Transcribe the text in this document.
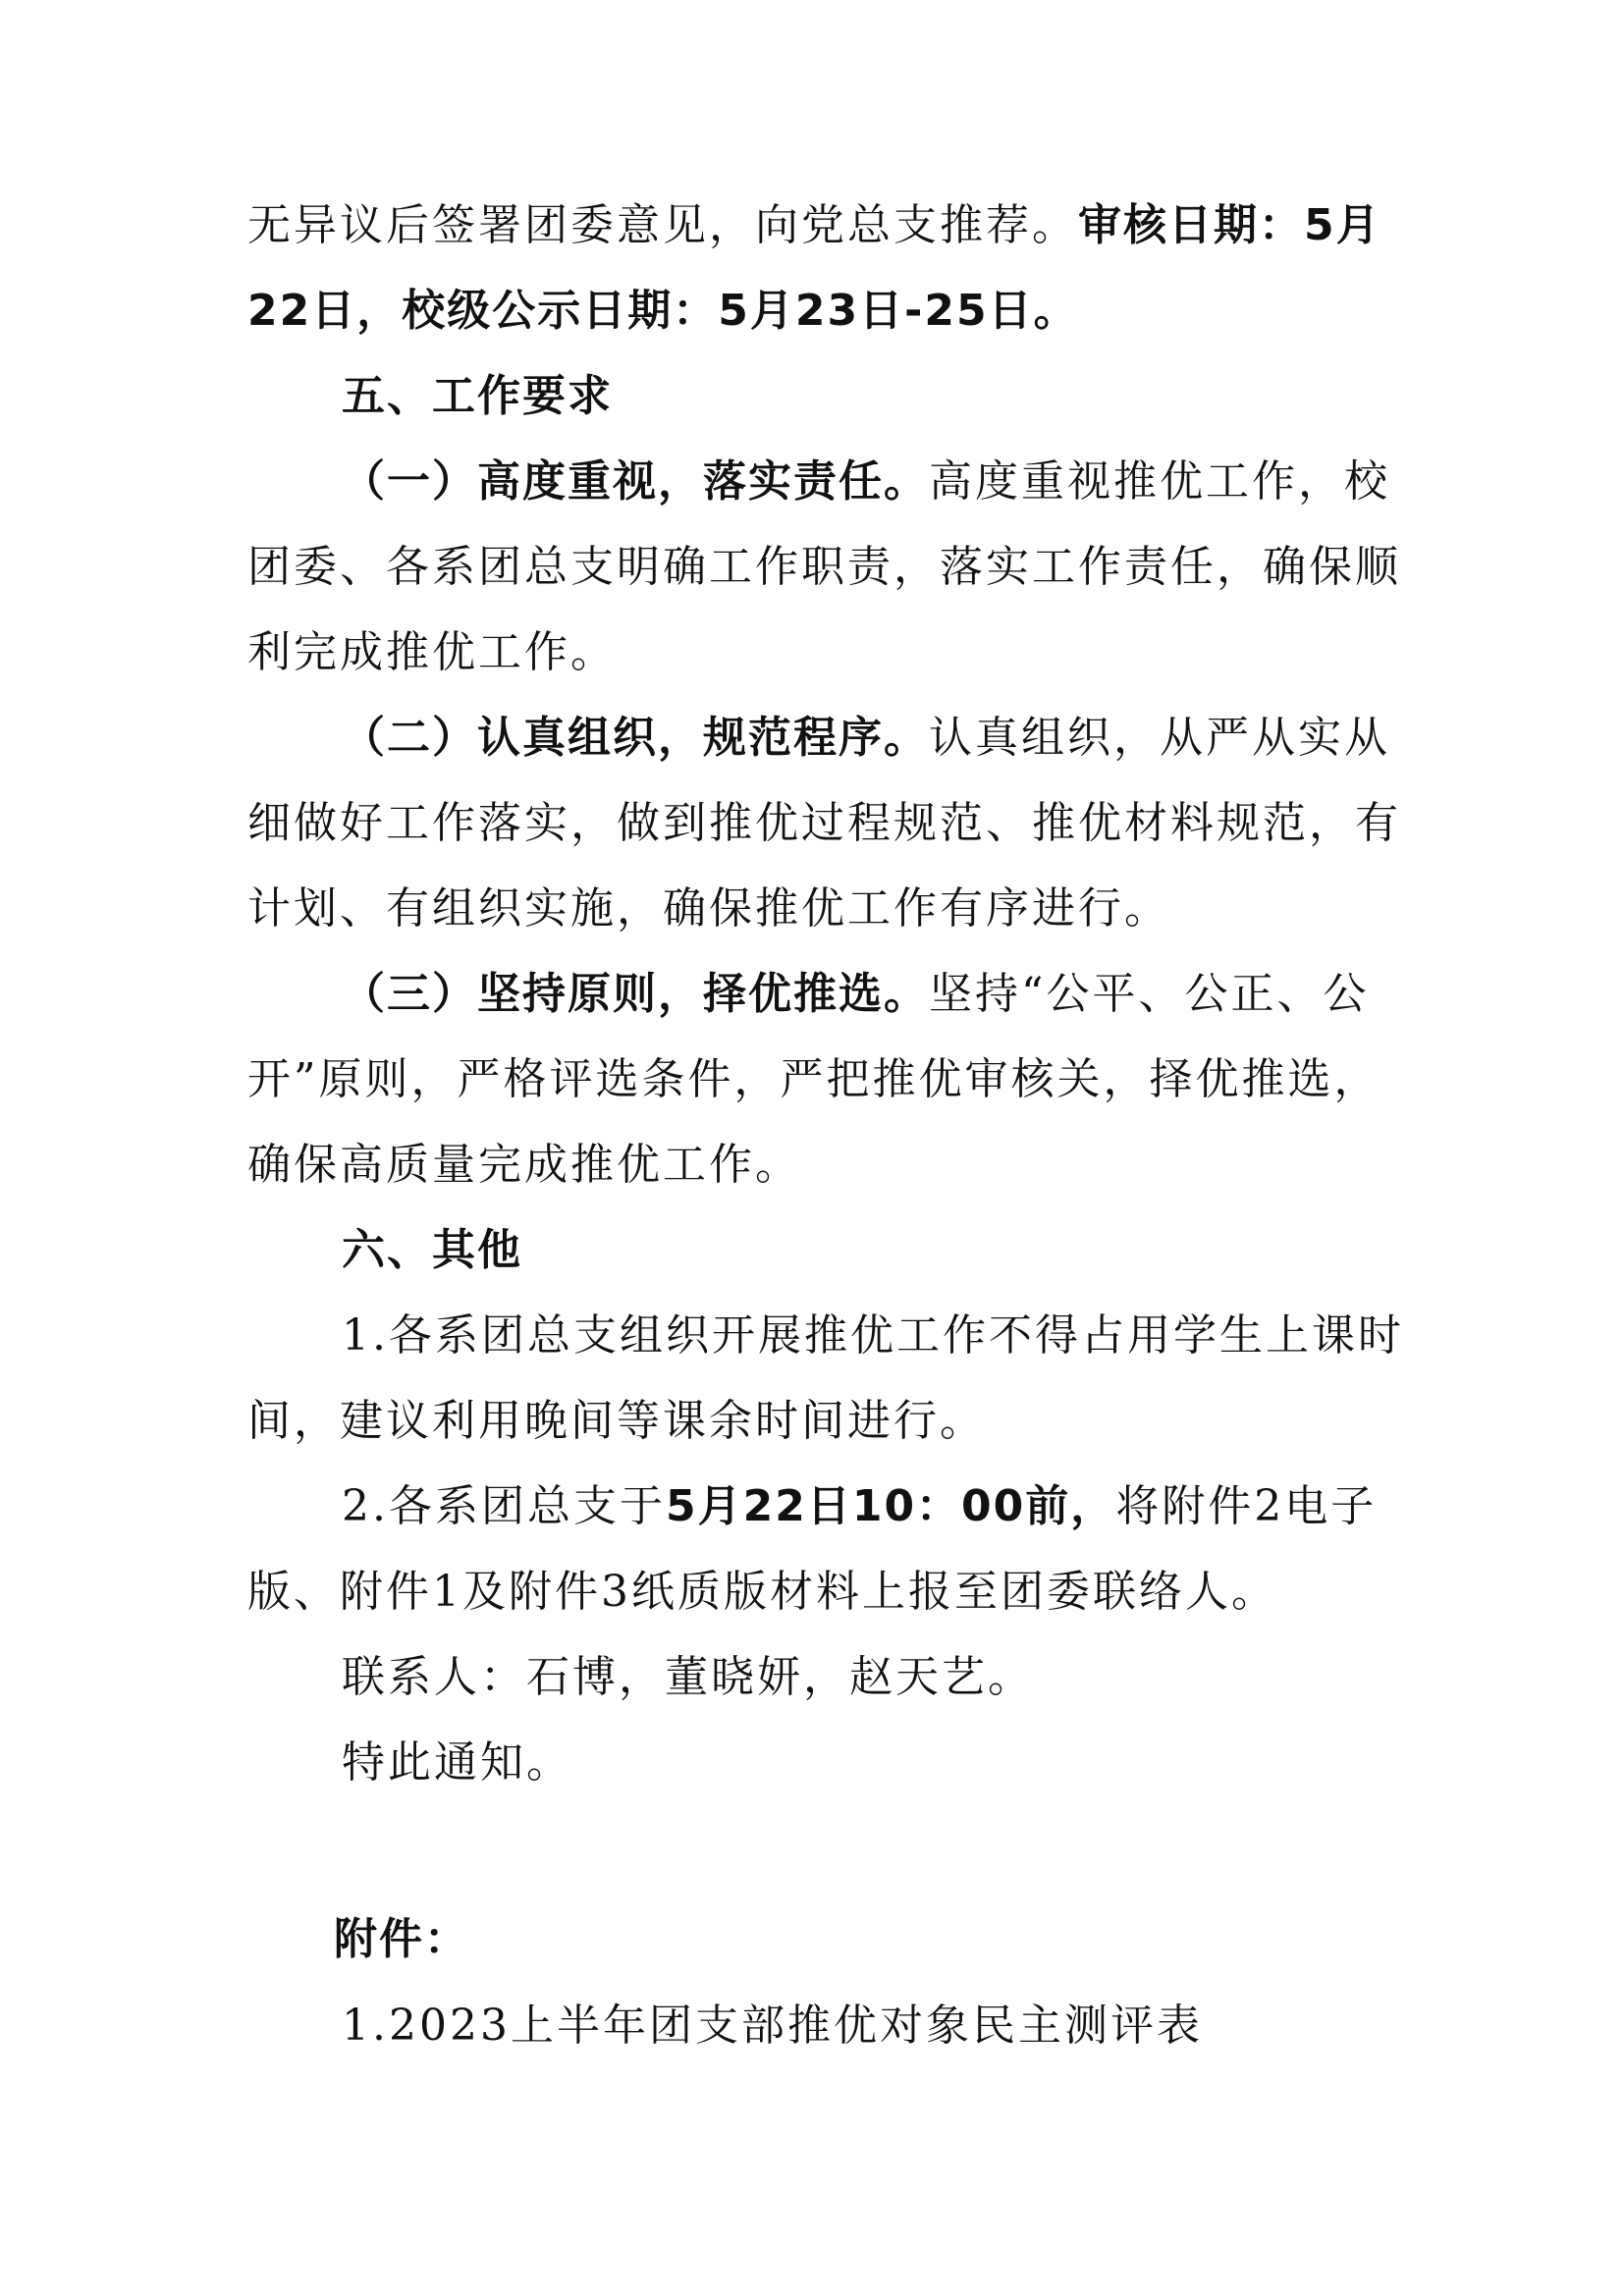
无异议后签署团委意见，向党总支推荐。审核日期：5月

22日，校级公示日期：5月23日-25日。

五、工作要求

（一）高度重视，落实责任。高度重视推优工作，校

团委、各系团总支明确工作职责，落实工作责任，确保顺

利完成推优工作。

（二）认真组织，规范程序。认真组织，从严从实从

细做好工作落实，做到推优过程规范、推优材料规范，有

计划、有组织实施，确保推优工作有序进行。

（三）坚持原则，择优推选。坚持“公平、公正、公

开”原则，严格评选条件，严把推优审核关，择优推选，

确保高质量完成推优工作。

六、其他

1.各系团总支组织开展推优工作不得占用学生上课时

间，建议利用晚间等课余时间进行。

2.各系团总支于5月22日10：00前，将附件2电子

版、附件1及附件3纸质版材料上报至团委联络人。

联系人：石博，董晓妍，赵天艺。

特此通知。

附件：

1.2023上半年团支部推优对象民主测评表
